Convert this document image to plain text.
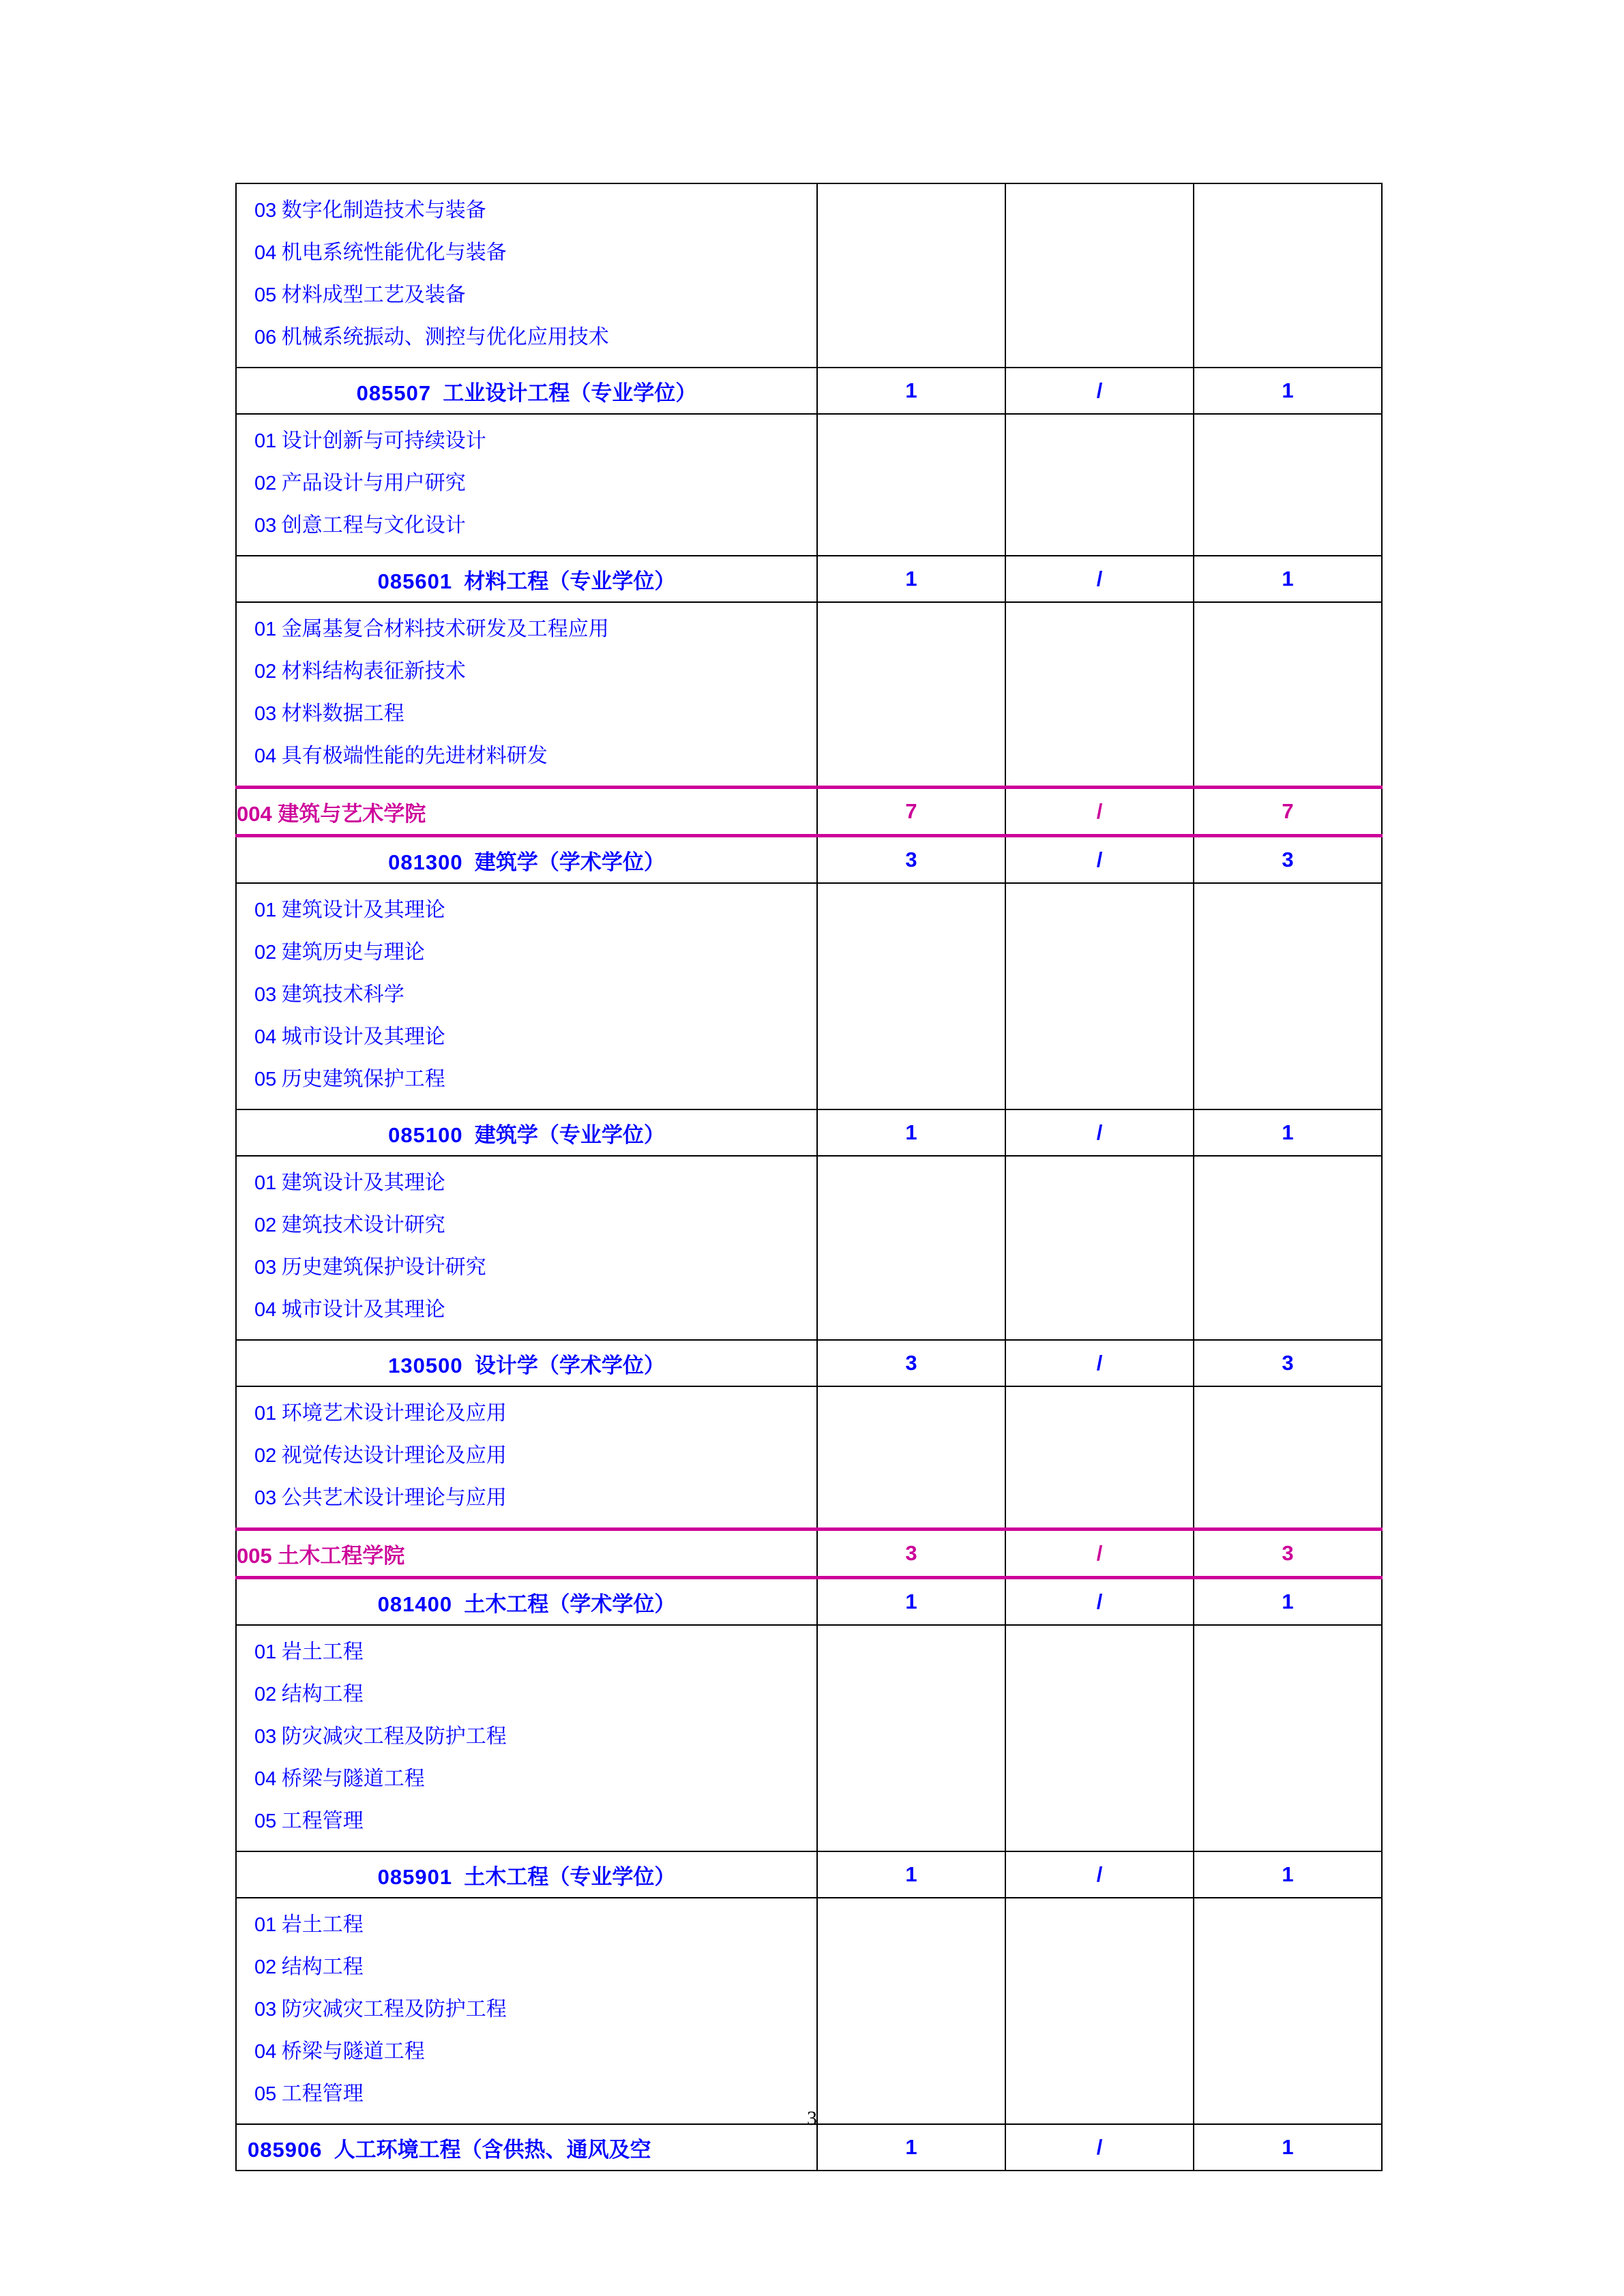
03 数字化制造技术与装备
04 机电系统性能优化与装备
05 材料成型工艺及装备
06 机械系统振动、测控与优化应用技术			

085507 工业设计工程（专业学位）	1	/	1

01 设计创新与可持续设计
02 产品设计与用户研究
03 创意工程与文化设计			

085601 材料工程（专业学位）	1	/	1

01 金属基复合材料技术研发及工程应用
02 材料结构表征新技术
03 材料数据工程
04 具有极端性能的先进材料研发			

004 建筑与艺术学院	7	/	7
081300 建筑学（学术学位）	3	/	3

01 建筑设计及其理论
02 建筑历史与理论
03 建筑技术科学
04 城市设计及其理论
05 历史建筑保护工程			

085100 建筑学（专业学位）	1	/	1

01 建筑设计及其理论
02 建筑技术设计研究
03 历史建筑保护设计研究
04 城市设计及其理论			

130500 设计学（学术学位）	3	/	3

01 环境艺术设计理论及应用
02 视觉传达设计理论及应用
03 公共艺术设计理论与应用			

005 土木工程学院	3	/	3
081400 土木工程（学术学位）	1	/	1

01 岩土工程
02 结构工程
03 防灾减灾工程及防护工程
04 桥梁与隧道工程
05 工程管理			

085901 土木工程（专业学位）	1	/	1

01 岩土工程
02 结构工程
03 防灾减灾工程及防护工程
04 桥梁与隧道工程
05 工程管理			

085906 人工环境工程（含供热、通风及空	1	/	1
3
